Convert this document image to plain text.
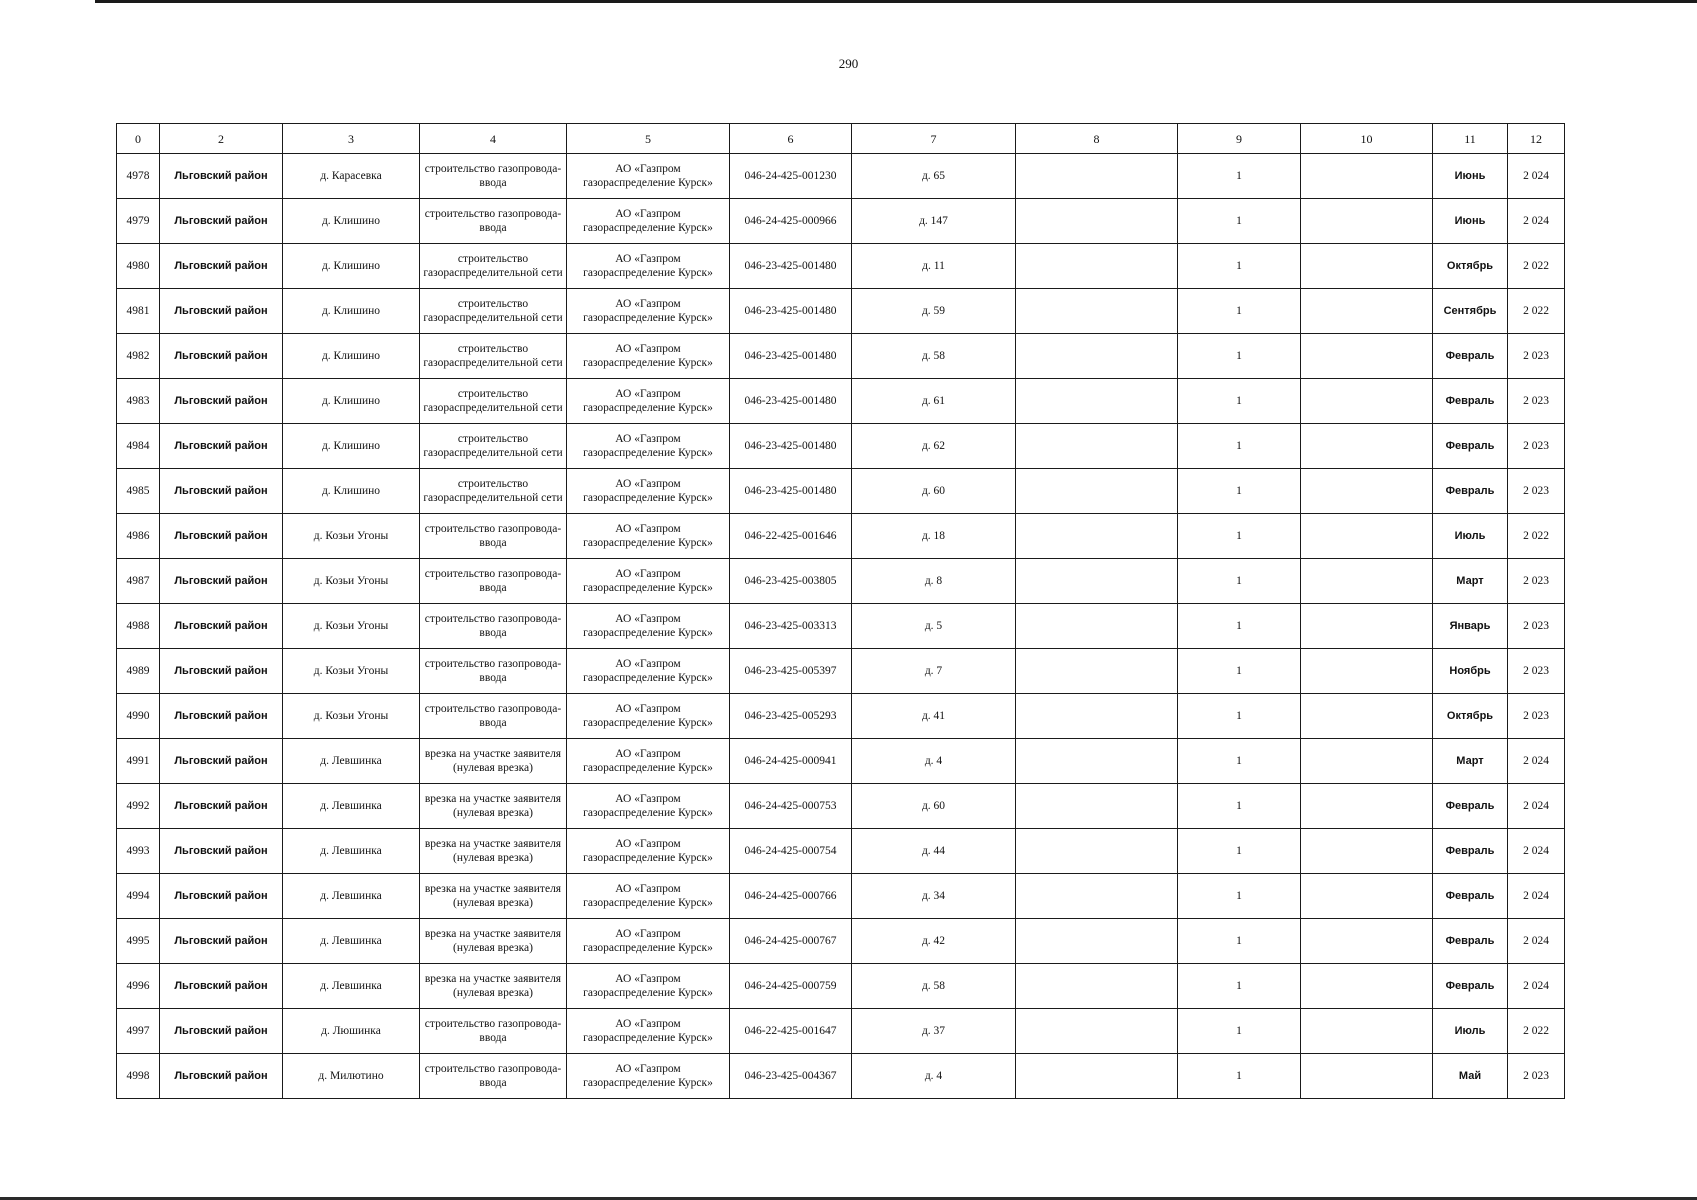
290
0	2	3	4	5	6	7	8	9	10	11	12
4978	Льговский район	д. Карасевка	строительство газопровода-ввода	АО «Газпром газораспределение Курск»	046-24-425-001230	д. 65		1		Июнь	2 024
4979	Льговский район	д. Клишино	строительство газопровода-ввода	АО «Газпром газораспределение Курск»	046-24-425-000966	д. 147		1		Июнь	2 024
4980	Льговский район	д. Клишино	строительство газораспределительной сети	АО «Газпром газораспределение Курск»	046-23-425-001480	д. 11		1		Октябрь	2 022
4981	Льговский район	д. Клишино	строительство газораспределительной сети	АО «Газпром газораспределение Курск»	046-23-425-001480	д. 59		1		Сентябрь	2 022
4982	Льговский район	д. Клишино	строительство газораспределительной сети	АО «Газпром газораспределение Курск»	046-23-425-001480	д. 58		1		Февраль	2 023
4983	Льговский район	д. Клишино	строительство газораспределительной сети	АО «Газпром газораспределение Курск»	046-23-425-001480	д. 61		1		Февраль	2 023
4984	Льговский район	д. Клишино	строительство газораспределительной сети	АО «Газпром газораспределение Курск»	046-23-425-001480	д. 62		1		Февраль	2 023
4985	Льговский район	д. Клишино	строительство газораспределительной сети	АО «Газпром газораспределение Курск»	046-23-425-001480	д. 60		1		Февраль	2 023
4986	Льговский район	д. Козьи Угоны	строительство газопровода-ввода	АО «Газпром газораспределение Курск»	046-22-425-001646	д. 18		1		Июль	2 022
4987	Льговский район	д. Козьи Угоны	строительство газопровода-ввода	АО «Газпром газораспределение Курск»	046-23-425-003805	д. 8		1		Март	2 023
4988	Льговский район	д. Козьи Угоны	строительство газопровода-ввода	АО «Газпром газораспределение Курск»	046-23-425-003313	д. 5		1		Январь	2 023
4989	Льговский район	д. Козьи Угоны	строительство газопровода-ввода	АО «Газпром газораспределение Курск»	046-23-425-005397	д. 7		1		Ноябрь	2 023
4990	Льговский район	д. Козьи Угоны	строительство газопровода-ввода	АО «Газпром газораспределение Курск»	046-23-425-005293	д. 41		1		Октябрь	2 023
4991	Льговский район	д. Левшинка	врезка на участке заявителя (нулевая врезка)	АО «Газпром газораспределение Курск»	046-24-425-000941	д. 4		1		Март	2 024
4992	Льговский район	д. Левшинка	врезка на участке заявителя (нулевая врезка)	АО «Газпром газораспределение Курск»	046-24-425-000753	д. 60		1		Февраль	2 024
4993	Льговский район	д. Левшинка	врезка на участке заявителя (нулевая врезка)	АО «Газпром газораспределение Курск»	046-24-425-000754	д. 44		1		Февраль	2 024
4994	Льговский район	д. Левшинка	врезка на участке заявителя (нулевая врезка)	АО «Газпром газораспределение Курск»	046-24-425-000766	д. 34		1		Февраль	2 024
4995	Льговский район	д. Левшинка	врезка на участке заявителя (нулевая врезка)	АО «Газпром газораспределение Курск»	046-24-425-000767	д. 42		1		Февраль	2 024
4996	Льговский район	д. Левшинка	врезка на участке заявителя (нулевая врезка)	АО «Газпром газораспределение Курск»	046-24-425-000759	д. 58		1		Февраль	2 024
4997	Льговский район	д. Люшинка	строительство газопровода-ввода	АО «Газпром газораспределение Курск»	046-22-425-001647	д. 37		1		Июль	2 022
4998	Льговский район	д. Милютино	строительство газопровода-ввода	АО «Газпром газораспределение Курск»	046-23-425-004367	д. 4		1		Май	2 023
